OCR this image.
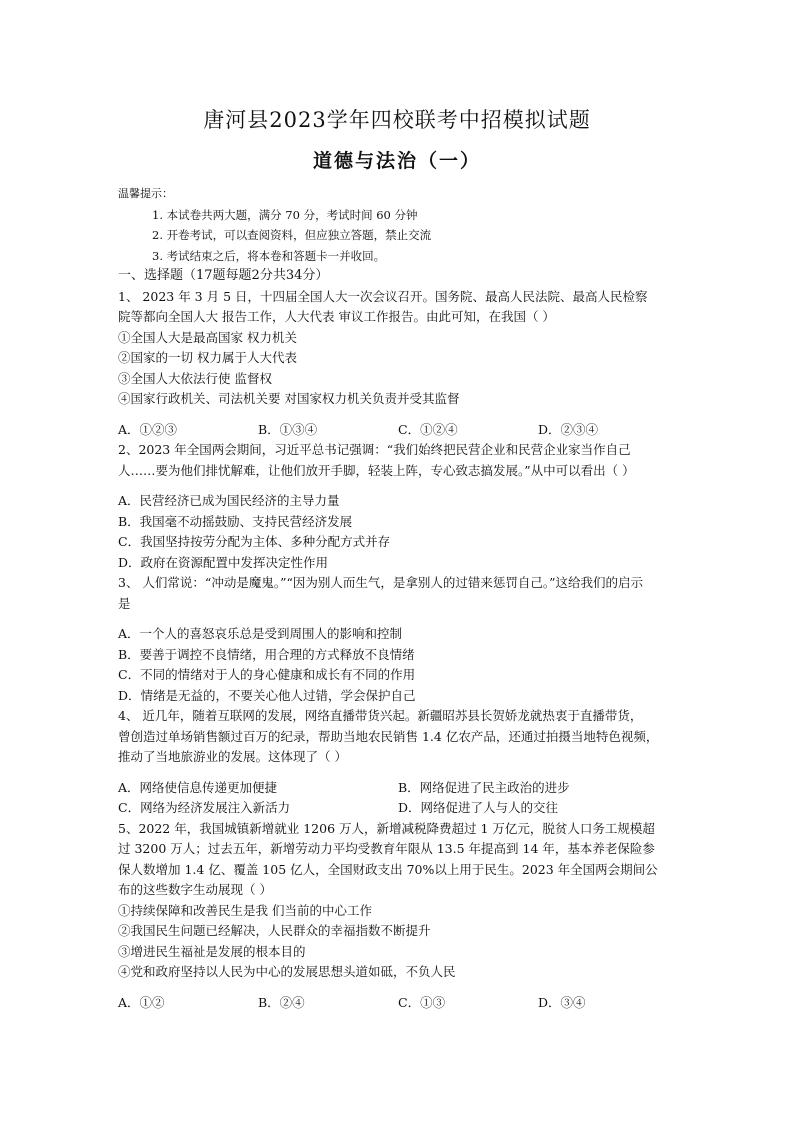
唐河县2023学年四校联考中招模拟试题
道德与法治（一）
温馨提示：
1. 本试卷共两大题，满分 70 分，考试时间 60 分钟
2. 开卷考试，可以查阅资料，但应独立答题，禁止交流
3. 考试结束之后，将本卷和答题卡一并收回。
一、选择题（17题每题2分共34分）
1、 2023 年 3 月 5 日，十四届全国人大一次会议召开。国务院、最高人民法院、最高人民检察
院等都向全国人大 报告工作，人大代表 审议工作报告。由此可知，在我国（ ）
①全国人大是最高国家 权力机关
②国家的一切 权力属于人大代表
③全国人大依法行使 监督权
④国家行政机关、司法机关要 对国家权力机关负责并受其监督
A．①②③	B．①③④	C．①②④	D．②③④
2、2023 年全国两会期间，习近平总书记强调：“我们始终把民营企业和民营企业家当作自己
人……要为他们排忧解难，让他们放开手脚，轻装上阵，专心致志搞发展。”从中可以看出（ ）
A．民营经济已成为国民经济的主导力量
B．我国毫不动摇鼓励、支持民营经济发展
C．我国坚持按劳分配为主体、多种分配方式并存
D．政府在资源配置中发挥决定性作用
3、 人们常说：“冲动是魔鬼。”“因为别人而生气，是拿别人的过错来惩罚自己。”这给我们的启示
是
A．一个人的喜怒哀乐总是受到周围人的影响和控制
B．要善于调控不良情绪，用合理的方式释放不良情绪
C．不同的情绪对于人的身心健康和成长有不同的作用
D．情绪是无益的，不要关心他人过错，学会保护自己
4、 近几年，随着互联网的发展，网络直播带货兴起。新疆昭苏县长贺娇龙就热衷于直播带货，
曾创造过单场销售额过百万的纪录，帮助当地农民销售 1.4 亿农产品，还通过拍摄当地特色视频，
推动了当地旅游业的发展。这体现了（ ）
A．网络使信息传递更加便捷	B．网络促进了民主政治的进步
C．网络为经济发展注入新活力	D．网络促进了人与人的交往
5、2022 年，我国城镇新增就业 1206 万人，新增减税降费超过 1 万亿元，脱贫人口务工规模超
过 3200 万人；过去五年，新增劳动力平均受教育年限从 13.5 年提高到 14 年，基本养老保险参
保人数增加 1.4 亿、覆盖 105 亿人，全国财政支出 70%以上用于民生。2023 年全国两会期间公
布的这些数字生动展现（ ）
①持续保障和改善民生是我 们当前的中心工作
②我国民生问题已经解决，人民群众的幸福指数不断提升
③增进民生福祉是发展的根本目的
④党和政府坚持以人民为中心的发展思想头道如砥，不负人民
A．①②	B．②④	C．①③	D．③④
